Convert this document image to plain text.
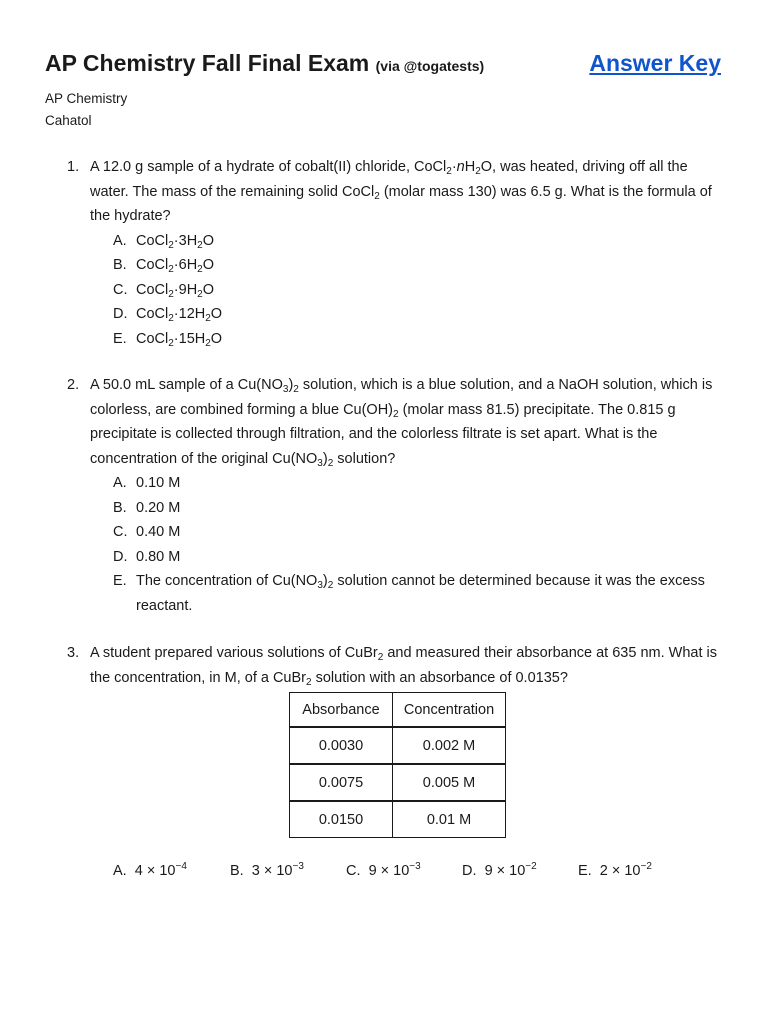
AP Chemistry Fall Final Exam (via @togatests)	Answer Key
AP Chemistry
Cahatol
1. A 12.0 g sample of a hydrate of cobalt(II) chloride, $CoCl_2\cdot nH_2O$, was heated, driving off all the water. The mass of the remaining solid CoCl$_2$ (molar mass 130) was 6.5 g. What is the formula of the hydrate?
A. $CoCl_2\cdot 3H_2O$
B. $CoCl_2\cdot 6H_2O$
C. $CoCl_2\cdot 9H_2O$
D. $CoCl_2\cdot 12H_2O$
E. $CoCl_2\cdot 15H_2O$
2. A 50.0 mL sample of a $Cu(NO_3)_2$ solution, which is a blue solution, and a NaOH solution, which is colorless, are combined forming a blue $Cu(OH)_2$ (molar mass 81.5) precipitate. The 0.815 g precipitate is collected through filtration, and the colorless filtrate is set apart. What is the concentration of the original $Cu(NO_3)_2$ solution?
A. 0.10 M
B. 0.20 M
C. 0.40 M
D. 0.80 M
E. The concentration of $Cu(NO_3)_2$ solution cannot be determined because it was the excess reactant.
3. A student prepared various solutions of CuBr$_2$ and measured their absorbance at 635 nm. What is the concentration, in M, of a CuBr$_2$ solution with an absorbance of 0.0135?
Absorbance	Concentration
0.0030	0.002 M
0.0075	0.005 M
0.0150	0.01 M
A. $4 \times 10^{-4}$	B. $3 \times 10^{-3}$	C. $9 \times 10^{-3}$	D. $9 \times 10^{-2}$	E. $2 \times 10^{-2}$
